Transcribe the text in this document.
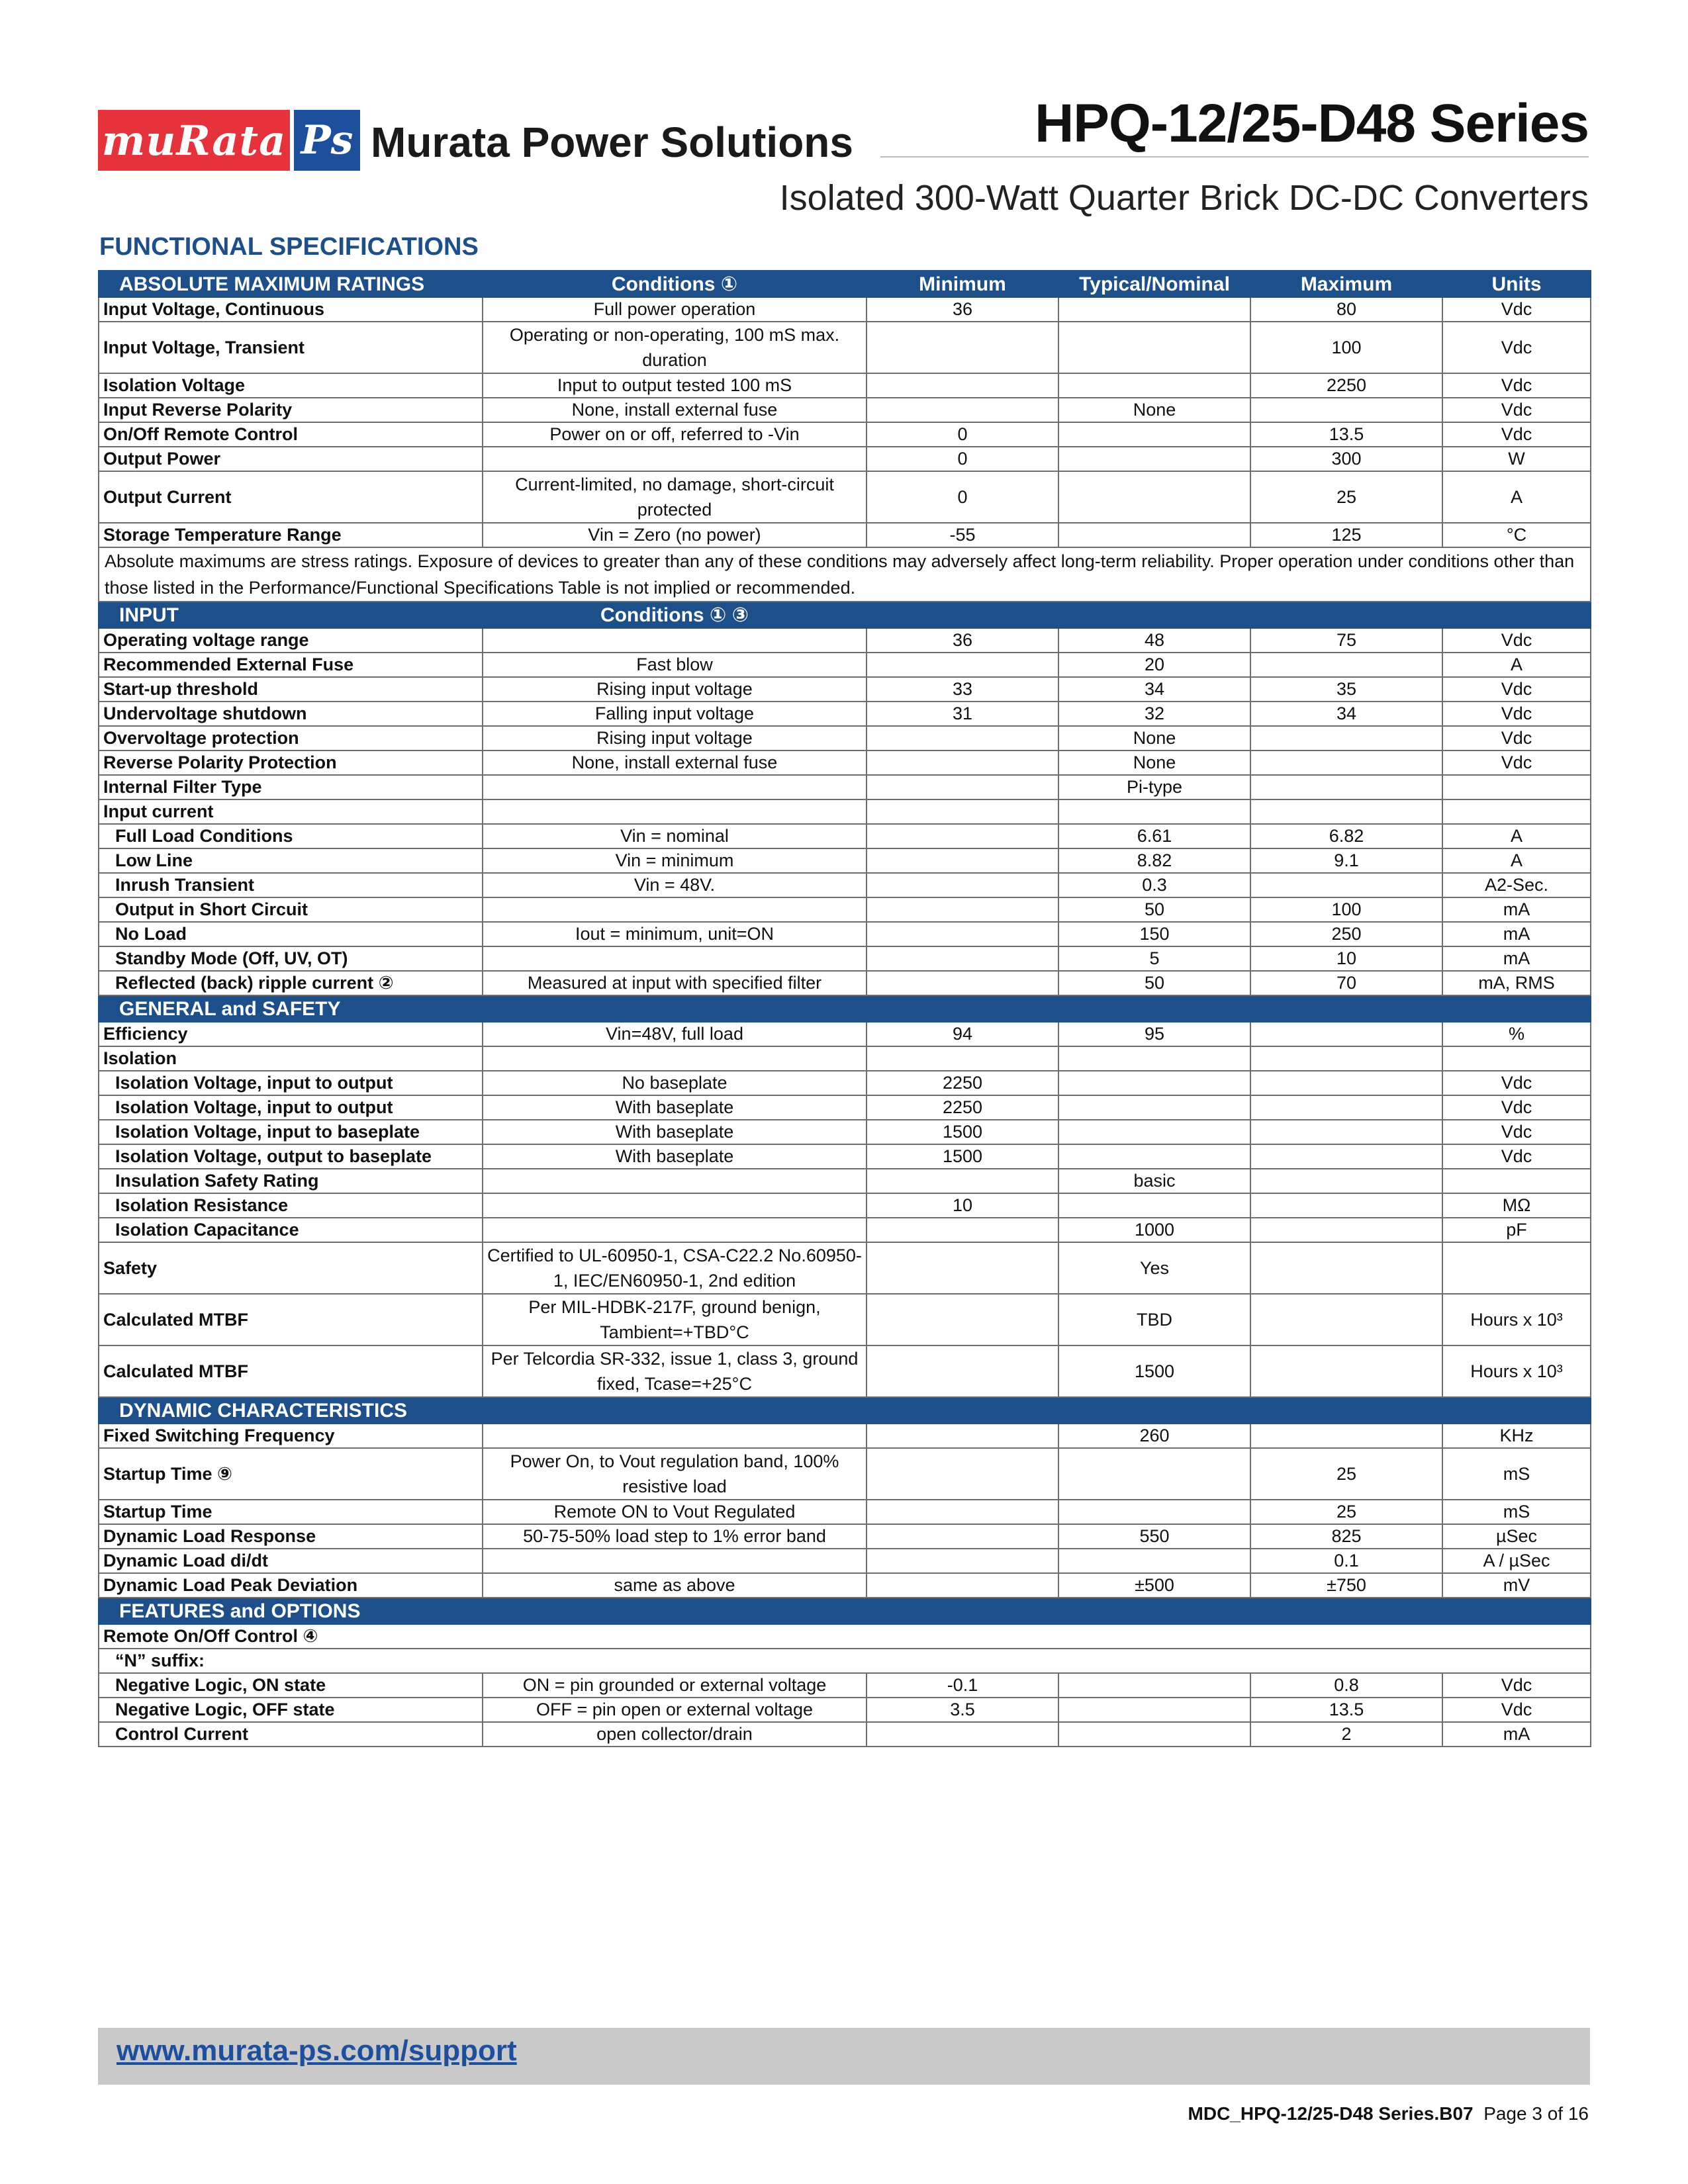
muRata Ps Murata Power Solutions	HPQ-12/25-D48 Series
Isolated 300-Watt Quarter Brick DC-DC Converters
FUNCTIONAL SPECIFICATIONS
ABSOLUTE MAXIMUM RATINGS	Conditions ①	Minimum	Typical/Nominal	Maximum	Units
Input Voltage, Continuous	Full power operation	36		80	Vdc
Input Voltage, Transient	Operating or non-operating, 100 mS max. duration			100	Vdc
Isolation Voltage	Input to output tested 100 mS			2250	Vdc
Input Reverse Polarity	None, install external fuse		None		Vdc
On/Off Remote Control	Power on or off, referred to -Vin	0		13.5	Vdc
Output Power		0		300	W
Output Current	Current-limited, no damage, short-circuit protected	0		25	A
Storage Temperature Range	Vin = Zero (no power)	-55		125	°C
Absolute maximums are stress ratings. Exposure of devices to greater than any of these conditions may adversely affect long-term reliability. Proper operation under conditions other than those listed in the Performance/Functional Specifications Table is not implied or recommended.					
INPUT	Conditions ① ③				
Operating voltage range		36	48	75	Vdc
Recommended External Fuse	Fast blow		20		A
Start-up threshold	Rising input voltage	33	34	35	Vdc
Undervoltage shutdown	Falling input voltage	31	32	34	Vdc
Overvoltage protection	Rising input voltage		None		Vdc
Reverse Polarity Protection	None, install external fuse		None		Vdc
Internal Filter Type			Pi-type		
Input current					
Full Load Conditions	Vin = nominal		6.61	6.82	A
Low Line	Vin = minimum		8.82	9.1	A
Inrush Transient	Vin = 48V.		0.3		A2-Sec.
Output in Short Circuit			50	100	mA
No Load	Iout = minimum, unit=ON		150	250	mA
Standby Mode (Off, UV, OT)			5	10	mA
Reflected (back) ripple current ②	Measured at input with specified filter		50	70	mA, RMS
GENERAL and SAFETY					
Efficiency	Vin=48V, full load	94	95		%
Isolation					
Isolation Voltage, input to output	No baseplate	2250			Vdc
Isolation Voltage, input to output	With baseplate	2250			Vdc
Isolation Voltage, input to baseplate	With baseplate	1500			Vdc
Isolation Voltage, output to baseplate	With baseplate	1500			Vdc
Insulation Safety Rating			basic		
Isolation Resistance		10			MΩ
Isolation Capacitance			1000		pF
Safety	Certified to UL-60950-1, CSA-C22.2 No.60950-1, IEC/EN60950-1, 2nd edition		Yes		
Calculated MTBF	Per MIL-HDBK-217F, ground benign, Tambient=+TBD°C		TBD		Hours x 10³
Calculated MTBF	Per Telcordia SR-332, issue 1, class 3, ground fixed, Tcase=+25°C		1500		Hours x 10³
DYNAMIC CHARACTERISTICS					
Fixed Switching Frequency			260		KHz
Startup Time ⑨	Power On, to Vout regulation band, 100% resistive load			25	mS
Startup Time	Remote ON to Vout Regulated			25	mS
Dynamic Load Response	50-75-50% load step to 1% error band		550	825	µSec
Dynamic Load di/dt				0.1	A / µSec
Dynamic Load Peak Deviation	same as above		±500	±750	mV
FEATURES and OPTIONS					
Remote On/Off Control ④					
“N” suffix:					
Negative Logic, ON state	ON = pin grounded or external voltage	-0.1		0.8	Vdc
Negative Logic, OFF state	OFF = pin open or external voltage	3.5		13.5	Vdc
Control Current	open collector/drain			2	mA
www.murata-ps.com/support
MDC_HPQ-12/25-D48 Series.B07 Page 3 of 16
